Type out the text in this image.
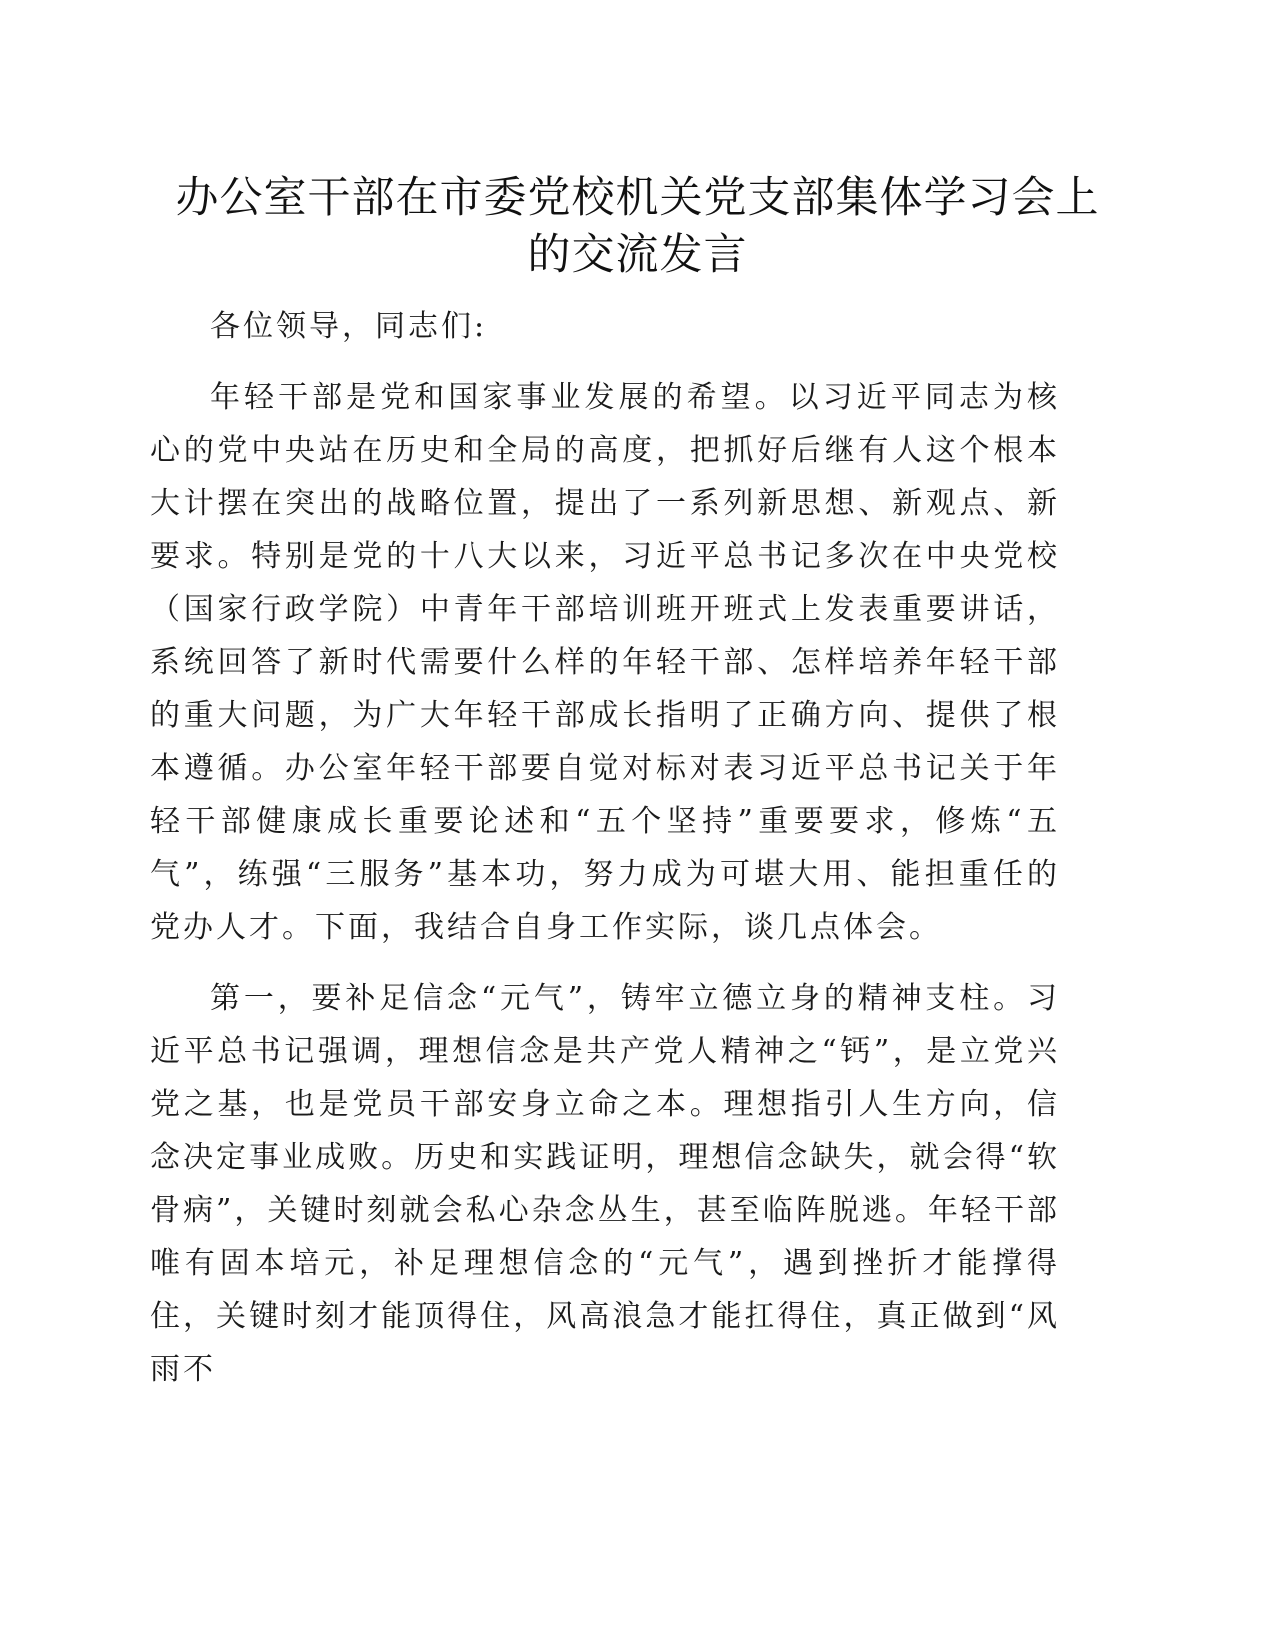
办公室干部在市委党校机关党支部集体学习会上
的交流发言

各位领导，同志们:

年轻干部是党和国家事业发展的希望。以习近平同志为核心的党中央站在历史和全局的高度，把抓好后继有人这个根本大计摆在突出的战略位置，提出了一系列新思想、新观点、新要求。特别是党的十八大以来，习近平总书记多次在中央党校（国家行政学院）中青年干部培训班开班式上发表重要讲话，系统回答了新时代需要什么样的年轻干部、怎样培养年轻干部的重大问题，为广大年轻干部成长指明了正确方向、提供了根本遵循。办公室年轻干部要自觉对标对表习近平总书记关于年轻干部健康成长重要论述和“五个坚持”重要要求，修炼“五气”，练强“三服务”基本功，努力成为可堪大用、能担重任的党办人才。下面，我结合自身工作实际，谈几点体会。

第一，要补足信念“元气”，铸牢立德立身的精神支柱。习近平总书记强调，理想信念是共产党人精神之“钙”，是立党兴党之基，也是党员干部安身立命之本。理想指引人生方向，信念决定事业成败。历史和实践证明，理想信念缺失，就会得“软骨病”，关键时刻就会私心杂念丛生，甚至临阵脱逃。年轻干部唯有固本培元，补足理想信念的“元气”，遇到挫折才能撑得住，关键时刻才能顶得住，风高浪急才能扛得住，真正做到“风雨不
